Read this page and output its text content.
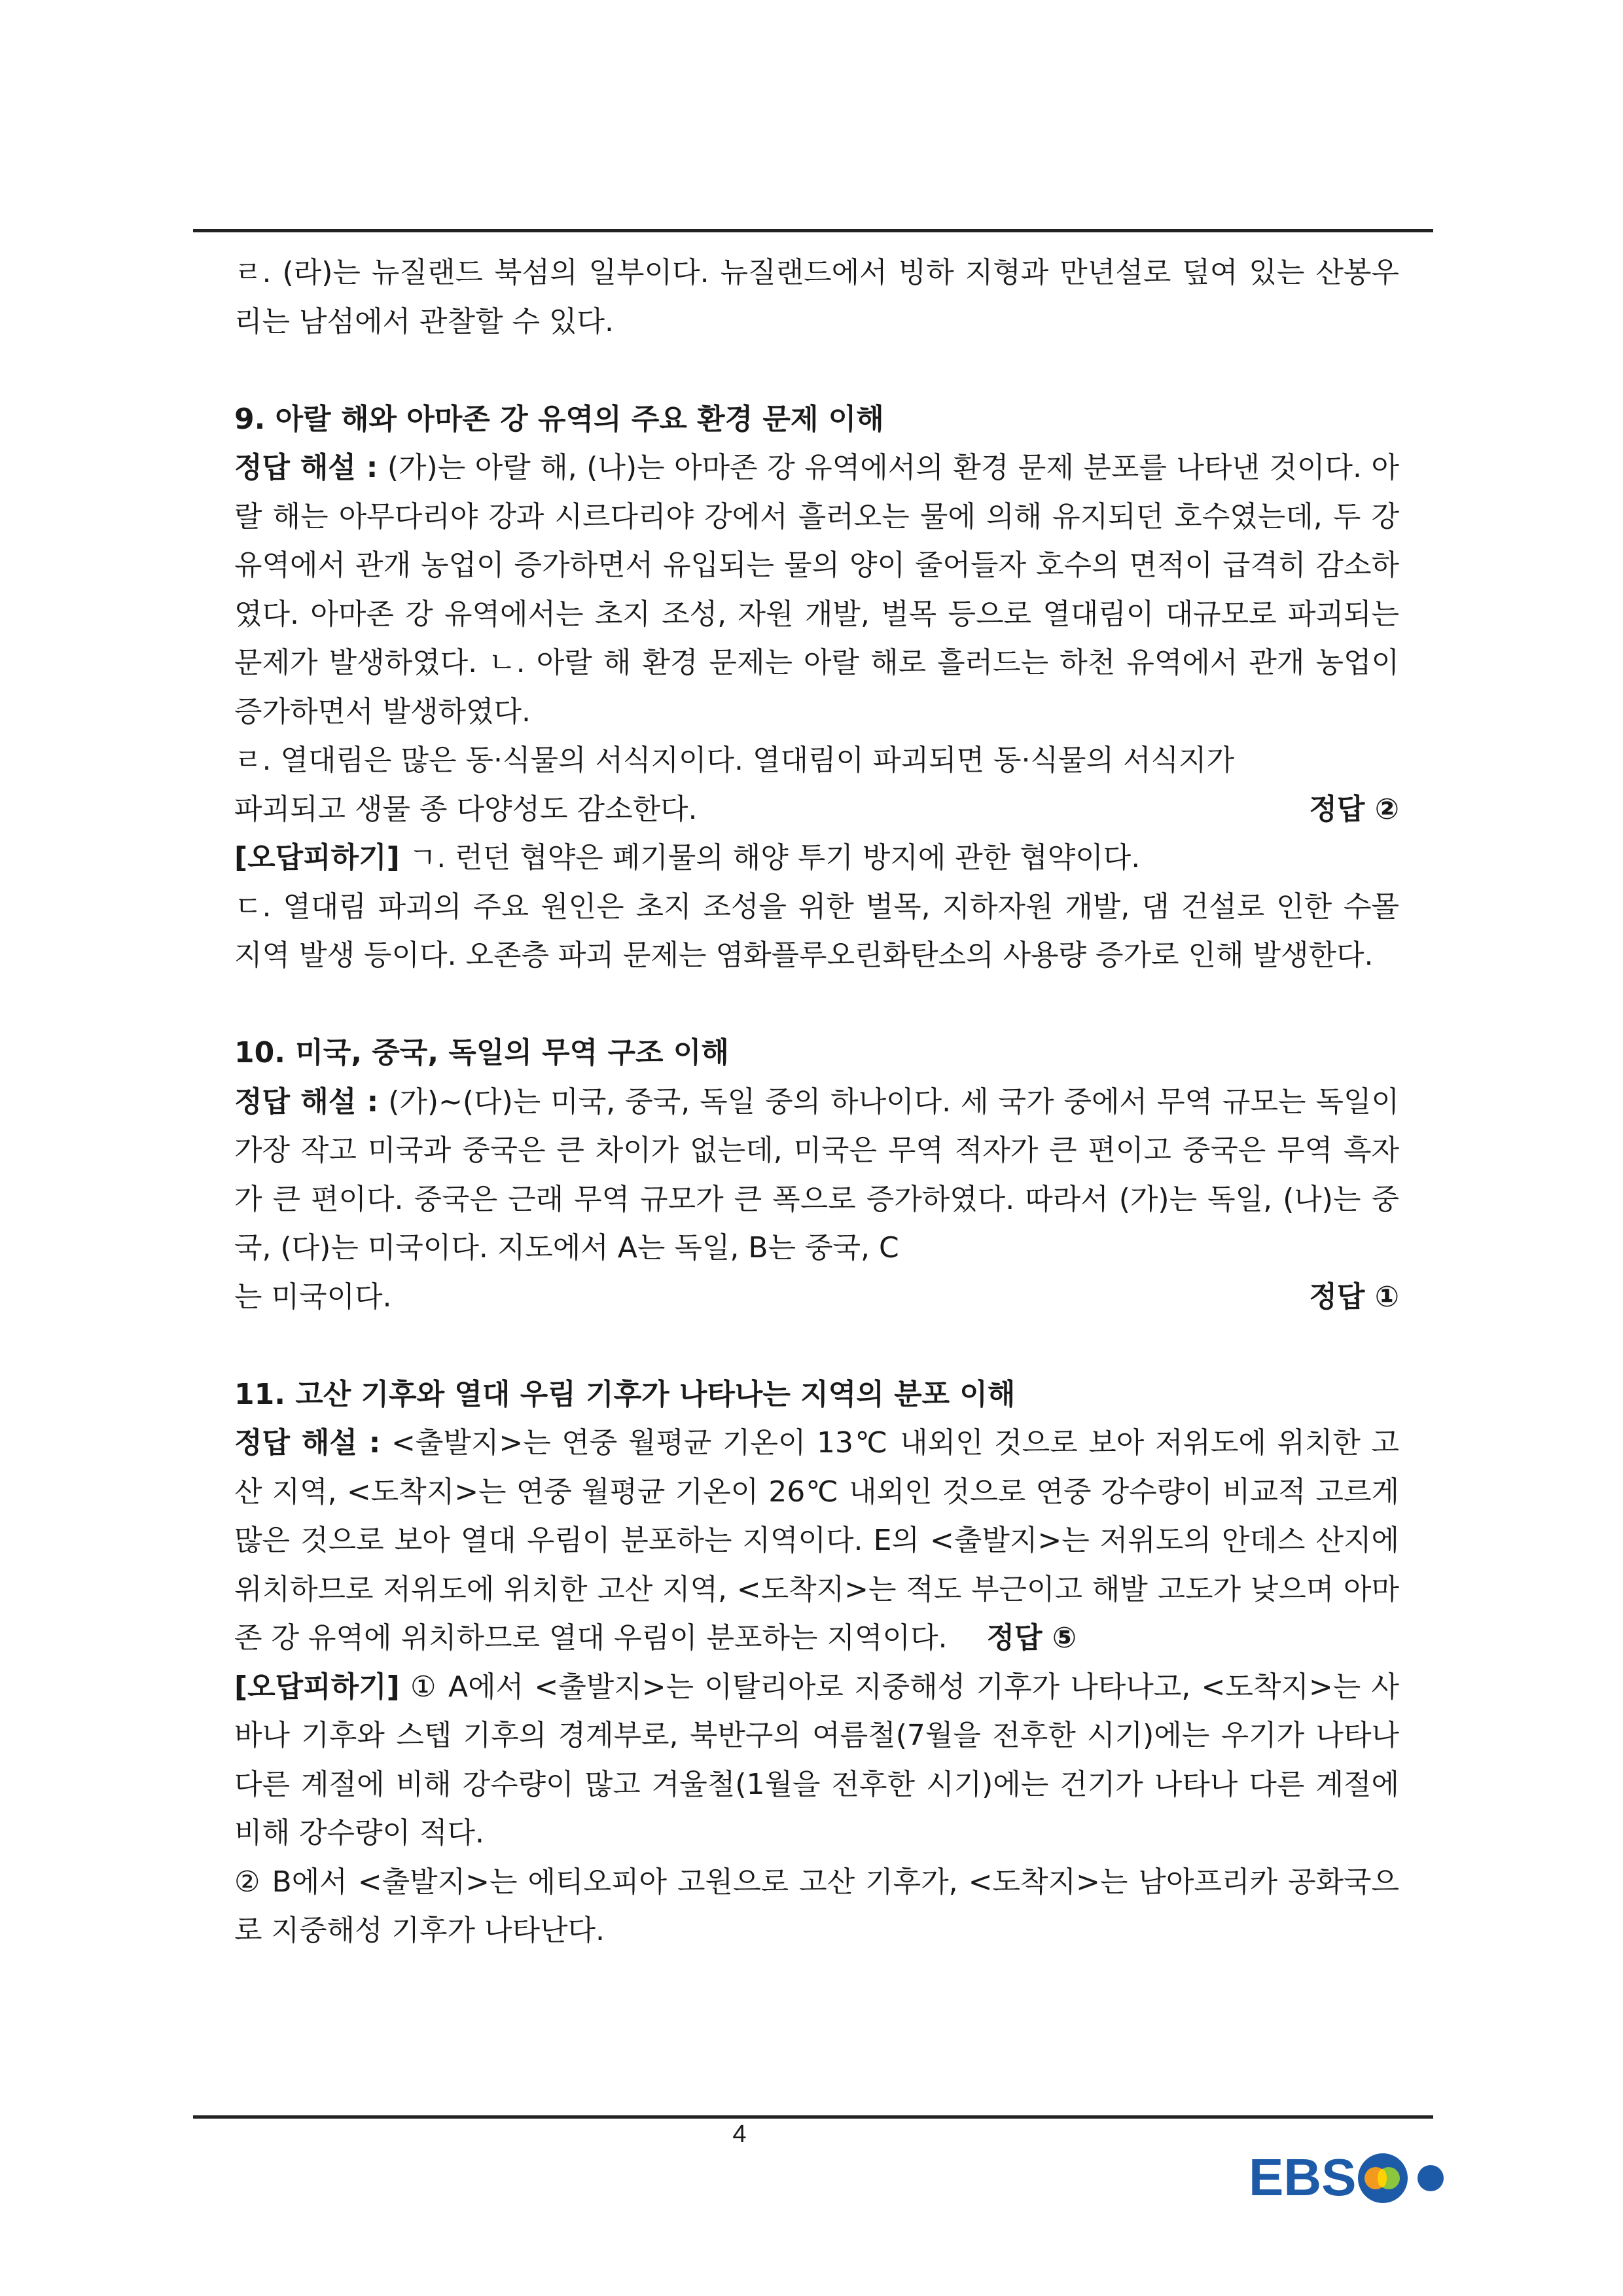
ㄹ. (라)는 뉴질랜드 북섬의 일부이다. 뉴질랜드에서 빙하 지형과 만년설로 덮여 있는 산봉우리는 남섬에서 관찰할 수 있다.

9. 아랄 해와 아마존 강 유역의 주요 환경 문제 이해

정답 해설 : (가)는 아랄 해, (나)는 아마존 강 유역에서의 환경 문제 분포를 나타낸 것이다. 아랄 해는 아무다리야 강과 시르다리야 강에서 흘러오는 물에 의해 유지되던 호수였는데, 두 강 유역에서 관개 농업이 증가하면서 유입되는 물의 양이 줄어들자 호수의 면적이 급격히 감소하였다. 아마존 강 유역에서는 초지 조성, 자원 개발, 벌목 등으로 열대림이 대규모로 파괴되는 문제가 발생하였다. ㄴ. 아랄 해 환경 문제는 아랄 해로 흘러드는 하천 유역에서 관개 농업이 증가하면서 발생하였다.

ㄹ. 열대림은 많은 동·식물의 서식지이다. 열대림이 파괴되면 동·식물의 서식지가

파괴되고 생물 종 다양성도 감소한다.	정답 ②

[오답피하기] ㄱ. 런던 협약은 폐기물의 해양 투기 방지에 관한 협약이다.

ㄷ. 열대림 파괴의 주요 원인은 초지 조성을 위한 벌목, 지하자원 개발, 댐 건설로 인한 수몰 지역 발생 등이다. 오존층 파괴 문제는 염화플루오린화탄소의 사용량 증가로 인해 발생한다.

10. 미국, 중국, 독일의 무역 구조 이해

정답 해설 : (가)~(다)는 미국, 중국, 독일 중의 하나이다. 세 국가 중에서 무역 규모는 독일이 가장 작고 미국과 중국은 큰 차이가 없는데, 미국은 무역 적자가 큰 편이고 중국은 무역 흑자가 큰 편이다. 중국은 근래 무역 규모가 큰 폭으로 증가하였다. 따라서 (가)는 독일, (나)는 중국, (다)는 미국이다. 지도에서 A는 독일, B는 중국, C

는 미국이다.	정답 ①
11. 고산 기후와 열대 우림 기후가 나타나는 지역의 분포 이해

정답 해설 : <출발지>는 연중 월평균 기온이 13℃ 내외인 것으로 보아 저위도에 위치한 고산 지역, <도착지>는 연중 월평균 기온이 26℃ 내외인 것으로 연중 강수량이 비교적 고르게 많은 것으로 보아 열대 우림이 분포하는 지역이다. E의 <출발지>는 저위도의 안데스 산지에 위치하므로 저위도에 위치한 고산 지역, <도착지>는 적도 부근이고 해발 고도가 낮으며 아마존 강 유역에 위치하므로 열대 우림이 분포하는 지역이다. 정답 ⑤

[오답피하기] ① A에서 <출발지>는 이탈리아로 지중해성 기후가 나타나고, <도착지>는 사바나 기후와 스텝 기후의 경계부로, 북반구의 여름철(7월을 전후한 시기)에는 우기가 나타나 다른 계절에 비해 강수량이 많고 겨울철(1월을 전후한 시기)에는 건기가 나타나 다른 계절에 비해 강수량이 적다.

② B에서 <출발지>는 에티오피아 고원으로 고산 기후가, <도착지>는 남아프리카 공화국으로 지중해성 기후가 나타난다.

4
EBS
